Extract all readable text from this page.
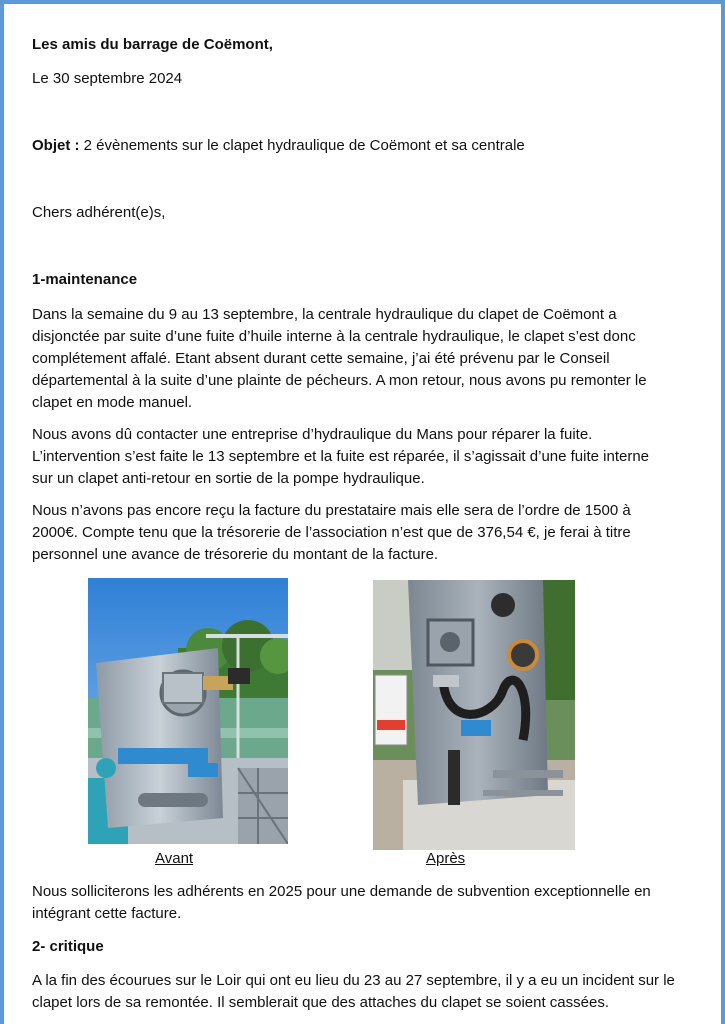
Les amis du barrage de Coëmont,
Le 30 septembre 2024
Objet : 2 évènements sur le clapet hydraulique de Coëmont et sa centrale
Chers adhérent(e)s,
1-maintenance
Dans la semaine du 9 au 13 septembre, la centrale hydraulique du clapet de Coëmont a
disjonctée par suite d’une fuite d’huile interne à la centrale hydraulique, le clapet s’est donc
complétement affalé. Etant absent durant cette semaine, j’ai été prévenu par le Conseil
départemental à la suite d’une plainte de pécheurs. A mon retour, nous avons pu remonter le
clapet en mode manuel.
Nous avons dû contacter une entreprise d’hydraulique du Mans pour réparer la fuite.
L’intervention s’est faite le 13 septembre et la fuite est réparée, il s’agissait d’une fuite interne
sur un clapet anti-retour en sortie de la pompe hydraulique.
Nous n’avons pas encore reçu la facture du prestataire mais elle sera de l’ordre de 1500 à
2000€. Compte tenu que la trésorerie de l’association n’est que de 376,54 €, je ferai à titre
personnel une avance de trésorerie du montant de la facture.
Avant	Après
Nous solliciterons les adhérents en 2025 pour une demande de subvention exceptionnelle en
intégrant cette facture.
2- critique
A la fin des écourues sur le Loir qui ont eu lieu du 23 au 27 septembre, il y a eu un incident sur le
clapet lors de sa remontée. Il semblerait que des attaches du clapet se soient cassées.
